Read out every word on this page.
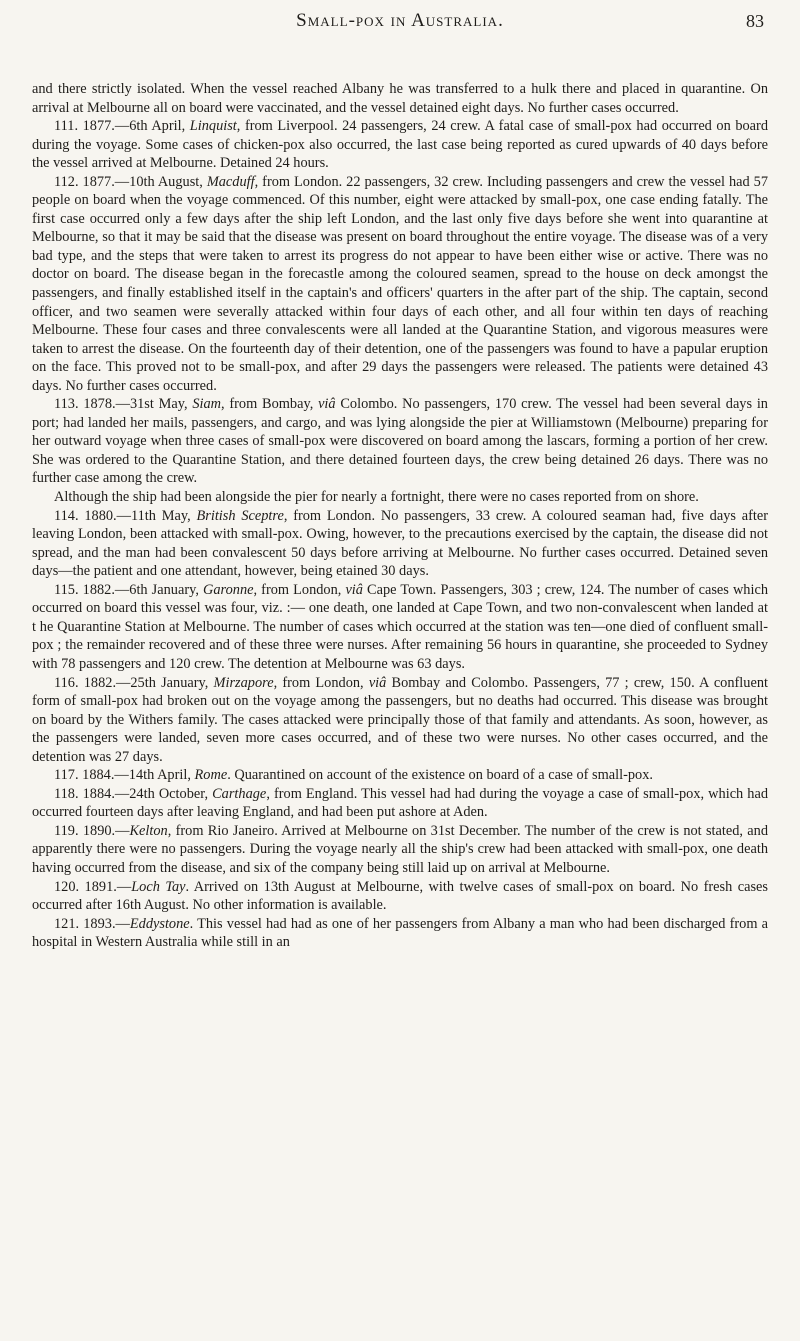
Small-pox in Australia.	83

and there strictly isolated. When the vessel reached Albany he was transferred to a hulk there and placed in quarantine. On arrival at Melbourne all on board were vaccinated, and the vessel detained eight days. No further cases occurred.

111. 1877.—6th April, Linquist, from Liverpool. 24 passengers, 24 crew. A fatal case of small-pox had occurred on board during the voyage. Some cases of chicken-pox also occurred, the last case being reported as cured upwards of 40 days before the vessel arrived at Melbourne. Detained 24 hours.

112. 1877.—10th August, Macduff, from London. 22 passengers, 32 crew. Including passengers and crew the vessel had 57 people on board when the voyage commenced. Of this number, eight were attacked by small-pox, one case ending fatally. The first case occurred only a few days after the ship left London, and the last only five days before she went into quarantine at Melbourne, so that it may be said that the disease was present on board throughout the entire voyage. The disease was of a very bad type, and the steps that were taken to arrest its progress do not appear to have been either wise or active. There was no doctor on board. The disease began in the forecastle among the coloured seamen, spread to the house on deck amongst the passengers, and finally established itself in the captain's and officers' quarters in the after part of the ship. The captain, second officer, and two seamen were severally attacked within four days of each other, and all four within ten days of reaching Melbourne. These four cases and three convalescents were all landed at the Quarantine Station, and vigorous measures were taken to arrest the disease. On the fourteenth day of their detention, one of the passengers was found to have a papular eruption on the face. This proved not to be small-pox, and after 29 days the passengers were released. The patients were detained 43 days. No further cases occurred.

113. 1878.—31st May, Siam, from Bombay, viâ Colombo. No passengers, 170 crew. The vessel had been several days in port; had landed her mails, passengers, and cargo, and was lying alongside the pier at Williamstown (Melbourne) preparing for her outward voyage when three cases of small-pox were discovered on board among the lascars, forming a portion of her crew. She was ordered to the Quarantine Station, and there detained fourteen days, the crew being detained 26 days. There was no further case among the crew.

Although the ship had been alongside the pier for nearly a fortnight, there were no cases reported from on shore.

114. 1880.—11th May, British Sceptre, from London. No passengers, 33 crew. A coloured seaman had, five days after leaving London, been attacked with small-pox. Owing, however, to the precautions exercised by the captain, the disease did not spread, and the man had been convalescent 50 days before arriving at Melbourne. No further cases occurred. Detained seven days—the patient and one attendant, however, being etained 30 days.

115. 1882.—6th January, Garonne, from London, viâ Cape Town. Passengers, 303 ; crew, 124. The number of cases which occurred on board this vessel was four, viz. :— one death, one landed at Cape Town, and two non-convalescent when landed at t he Quarantine Station at Melbourne. The number of cases which occurred at the station was ten—one died of confluent small-pox ; the remainder recovered and of these three were nurses. After remaining 56 hours in quarantine, she proceeded to Sydney with 78 passengers and 120 crew. The detention at Melbourne was 63 days.

116. 1882.—25th January, Mirzapore, from London, viâ Bombay and Colombo. Passengers, 77 ; crew, 150. A confluent form of small-pox had broken out on the voyage among the passengers, but no deaths had occurred. This disease was brought on board by the Withers family. The cases attacked were principally those of that family and attendants. As soon, however, as the passengers were landed, seven more cases occurred, and of these two were nurses. No other cases occurred, and the detention was 27 days.

117. 1884.—14th April, Rome. Quarantined on account of the existence on board of a case of small-pox.

118. 1884.—24th October, Carthage, from England. This vessel had had during the voyage a case of small-pox, which had occurred fourteen days after leaving England, and had been put ashore at Aden.

119. 1890.—Kelton, from Rio Janeiro. Arrived at Melbourne on 31st December. The number of the crew is not stated, and apparently there were no passengers. During the voyage nearly all the ship's crew had been attacked with small-pox, one death having occurred from the disease, and six of the company being still laid up on arrival at Melbourne.

120. 1891.—Loch Tay. Arrived on 13th August at Melbourne, with twelve cases of small-pox on board. No fresh cases occurred after 16th August. No other information is available.

121. 1893.—Eddystone. This vessel had had as one of her passengers from Albany a man who had been discharged from a hospital in Western Australia while still in an
